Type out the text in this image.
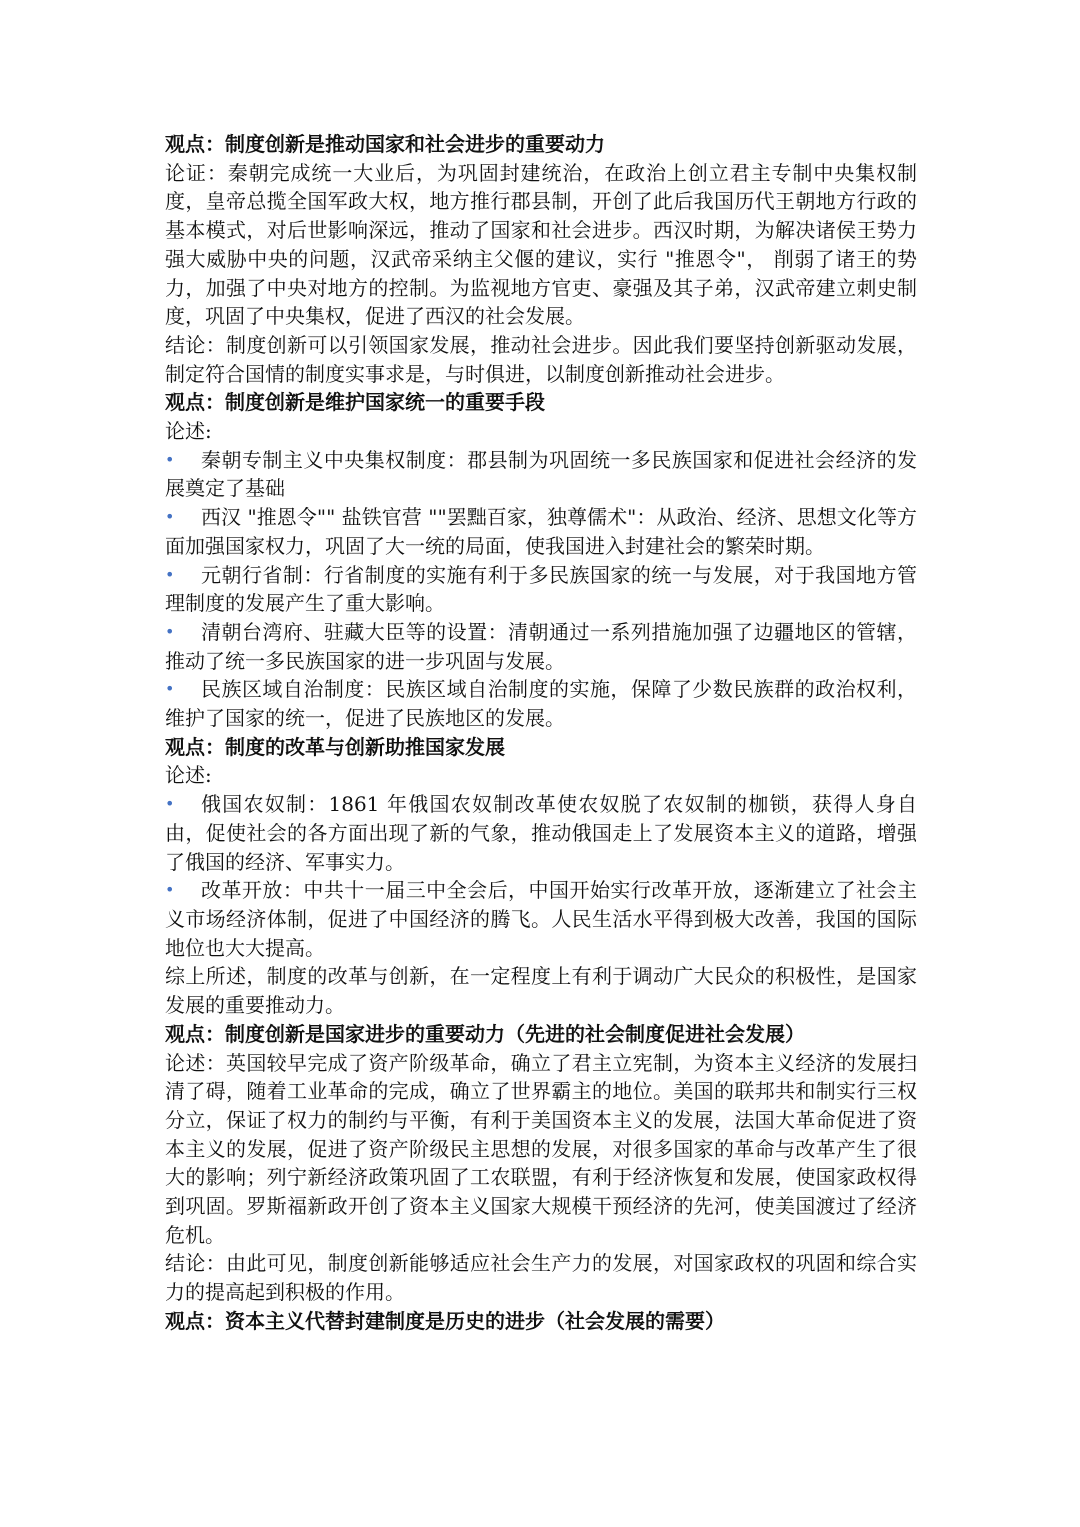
观点：制度创新是推动国家和社会进步的重要动力

论证：秦朝完成统一大业后，为巩固封建统治，在政治上创立君主专制中央集权制度，皇帝总揽全国军政大权，地方推行郡县制，开创了此后我国历代王朝地方行政的基本模式，对后世影响深远，推动了国家和社会进步。西汉时期，为解决诸侯王势力强大威胁中央的问题，汉武帝采纳主父偃的建议，实行 "推恩令"， 削弱了诸王的势力，加强了中央对地方的控制。为监视地方官吏、豪强及其子弟，汉武帝建立刺史制度，巩固了中央集权，促进了西汉的社会发展。

结论：制度创新可以引领国家发展，推动社会进步。因此我们要坚持创新驱动发展，制定符合国情的制度实事求是，与时俱进，以制度创新推动社会进步。

观点：制度创新是维护国家统一的重要手段

论述:

•	秦朝专制主义中央集权制度：郡县制为巩固统一多民族国家和促进社会经济的发展奠定了基础

•	西汉 "推恩令"" 盐铁官营 ""罢黜百家，独尊儒术"：从政治、经济、思想文化等方面加强国家权力，巩固了大一统的局面，使我国进入封建社会的繁荣时期。

•	元朝行省制：行省制度的实施有利于多民族国家的统一与发展，对于我国地方管理制度的发展产生了重大影响。

•	清朝台湾府、驻藏大臣等的设置：清朝通过一系列措施加强了边疆地区的管辖，推动了统一多民族国家的进一步巩固与发展。

•	民族区域自治制度：民族区域自治制度的实施，保障了少数民族群的政治权利，维护了国家的统一，促进了民族地区的发展。

观点：制度的改革与创新助推国家发展

论述:

•	俄国农奴制：1861 年俄国农奴制改革使农奴脱了农奴制的枷锁，获得人身自由，促使社会的各方面出现了新的气象，推动俄国走上了发展资本主义的道路，增强了俄国的经济、军事实力。

•	改革开放：中共十一届三中全会后，中国开始实行改革开放，逐渐建立了社会主义市场经济体制，促进了中国经济的腾飞。人民生活水平得到极大改善，我国的国际地位也大大提高。

综上所述，制度的改革与创新，在一定程度上有利于调动广大民众的积极性，是国家发展的重要推动力。

观点：制度创新是国家进步的重要动力（先进的社会制度促进社会发展）

论述：英国较早完成了资产阶级革命，确立了君主立宪制，为资本主义经济的发展扫清了碍，随着工业革命的完成，确立了世界霸主的地位。美国的联邦共和制实行三权分立，保证了权力的制约与平衡，有利于美国资本主义的发展，法国大革命促进了资本主义的发展，促进了资产阶级民主思想的发展，对很多国家的革命与改革产生了很大的影响；列宁新经济政策巩固了工农联盟，有利于经济恢复和发展，使国家政权得到巩固。罗斯福新政开创了资本主义国家大规模干预经济的先河，使美国渡过了经济危机。

结论：由此可见，制度创新能够适应社会生产力的发展，对国家政权的巩固和综合实力的提高起到积极的作用。

观点：资本主义代替封建制度是历史的进步（社会发展的需要）
